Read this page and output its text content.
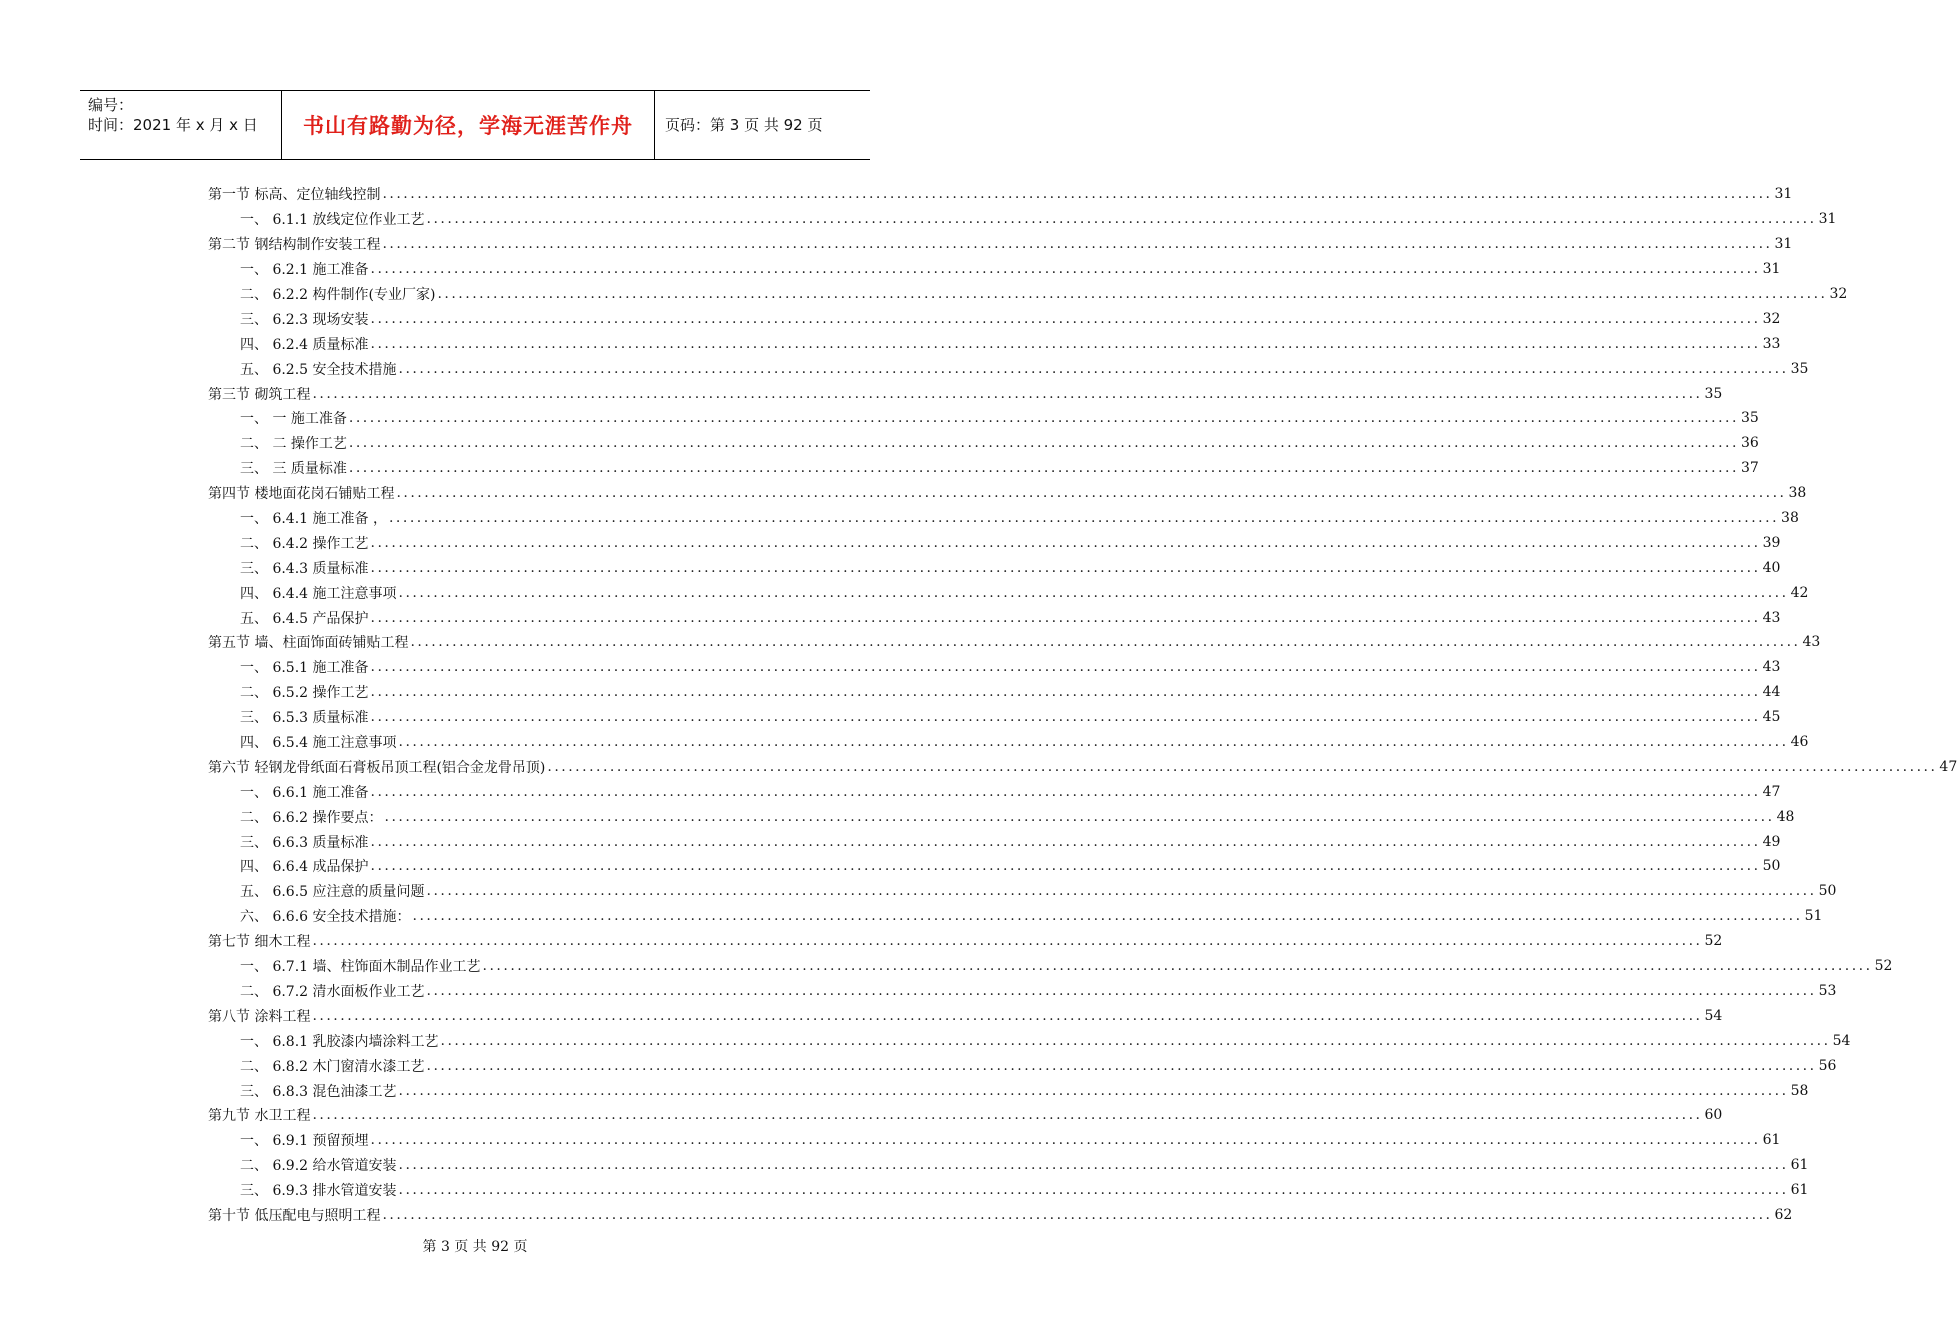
编号：
时间：2021 年 x 月 x 日 书山有路勤为径，学海无涯苦作舟	页码：第 3 页 共 92 页
第一节 标高、定位轴线控制 ........................................................................................................................................................................................................ 31
一、 6.1.1 放线定位作业工艺 ........................................................................................................................................................................................................ 31
第二节 钢结构制作安装工程 ........................................................................................................................................................................................................ 31
一、 6.2.1 施工准备 ........................................................................................................................................................................................................ 31
二、 6.2.2 构件制作(专业厂家) ........................................................................................................................................................................................................ 32
三、 6.2.3 现场安装 ........................................................................................................................................................................................................ 32
四、 6.2.4 质量标准 ........................................................................................................................................................................................................ 33
五、 6.2.5 安全技术措施 ........................................................................................................................................................................................................ 35
第三节 砌筑工程 ........................................................................................................................................................................................................ 35
一、 一 施工准备 ........................................................................................................................................................................................................ 35
二、 二 操作工艺 ........................................................................................................................................................................................................ 36
三、 三 质量标准 ........................................................................................................................................................................................................ 37
第四节 楼地面花岗石铺贴工程 ........................................................................................................................................................................................................ 38
一、 6.4.1 施工准备 ， ........................................................................................................................................................................................................ 38
二、 6.4.2 操作工艺 ........................................................................................................................................................................................................ 39
三、 6.4.3 质量标准 ........................................................................................................................................................................................................ 40
四、 6.4.4 施工注意事项 ........................................................................................................................................................................................................ 42
五、 6.4.5 产品保护 ........................................................................................................................................................................................................ 43
第五节 墙、柱面饰面砖铺贴工程 ........................................................................................................................................................................................................ 43
一、 6.5.1 施工准备 ........................................................................................................................................................................................................ 43
二、 6.5.2 操作工艺 ........................................................................................................................................................................................................ 44
三、 6.5.3 质量标准 ........................................................................................................................................................................................................ 45
四、 6.5.4 施工注意事项 ........................................................................................................................................................................................................ 46
第六节 轻钢龙骨纸面石膏板吊顶工程(铝合金龙骨吊顶) ........................................................................................................................................................................................................ 47
一、 6.6.1 施工准备 ........................................................................................................................................................................................................ 47
二、 6.6.2 操作要点： ........................................................................................................................................................................................................ 48
三、 6.6.3 质量标准 ........................................................................................................................................................................................................ 49
四、 6.6.4 成品保护 ........................................................................................................................................................................................................ 50
五、 6.6.5 应注意的质量问题 ........................................................................................................................................................................................................ 50
六、 6.6.6 安全技术措施： ........................................................................................................................................................................................................ 51
第七节 细木工程 ........................................................................................................................................................................................................ 52
一、 6.7.1 墙、柱饰面木制品作业工艺 ........................................................................................................................................................................................................ 52
二、 6.7.2 清水面板作业工艺 ........................................................................................................................................................................................................ 53
第八节 涂料工程 ........................................................................................................................................................................................................ 54
一、 6.8.1 乳胶漆内墙涂料工艺 ........................................................................................................................................................................................................ 54
二、 6.8.2 木门窗清水漆工艺 ........................................................................................................................................................................................................ 56
三、 6.8.3 混色油漆工艺 ........................................................................................................................................................................................................ 58
第九节 水卫工程 ........................................................................................................................................................................................................ 60
一、 6.9.1 预留预埋 ........................................................................................................................................................................................................ 61
二、 6.9.2 给水管道安装 ........................................................................................................................................................................................................ 61
三、 6.9.3 排水管道安装 ........................................................................................................................................................................................................ 61
第十节 低压配电与照明工程 ........................................................................................................................................................................................................ 62
第 3 页 共 92 页
